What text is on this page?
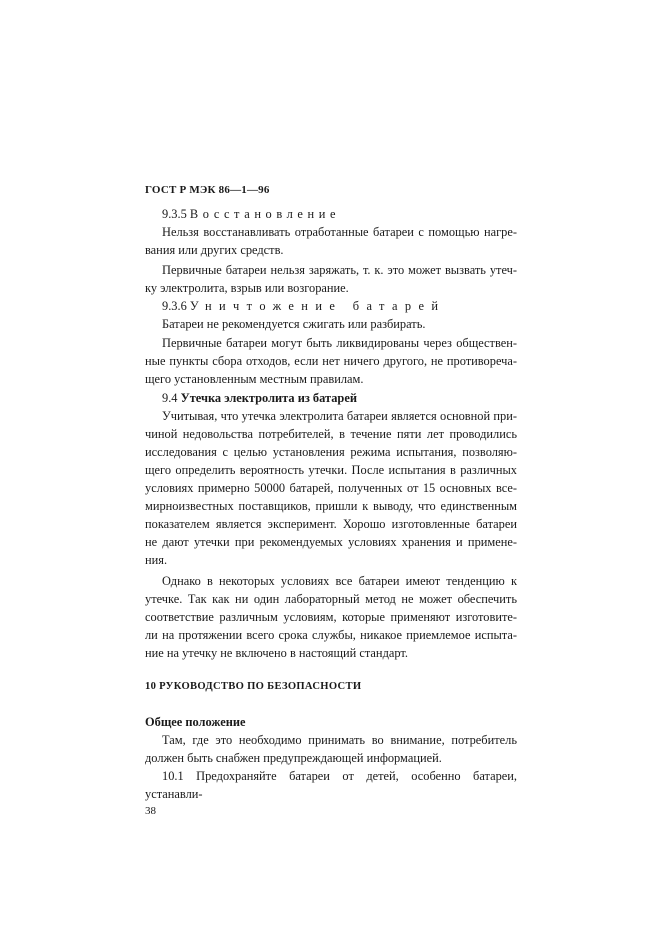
ГОСТ Р МЭК 86—1—96
9.3.5 Восстановление
Нельзя восстанавливать отработанные батареи с помощью нагре-
вания или других средств.
Первичные батареи нельзя заряжать, т. к. это может вызвать утеч-
ку электролита, взрыв или возгорание.
9.3.6 Уничтожение батарей
Батареи не рекомендуется сжигать или разбирать.
Первичные батареи могут быть ликвидированы через обществен-
ные пункты сбора отходов, если нет ничего другого, не противореча-
щего установленным местным правилам.
9.4 Утечка электролита из батарей
Учитывая, что утечка электролита батареи является основной при-
чиной недовольства потребителей, в течение пяти лет проводились
исследования с целью установления режима испытания, позволяю-
щего определить вероятность утечки. После испытания в различных
условиях примерно 50000 батарей, полученных от 15 основных все-
мирноизвестных поставщиков, пришли к выводу, что единственным
показателем является эксперимент. Хорошо изготовленные батареи
не дают утечки при рекомендуемых условиях хранения и примене-
ния.
Однако в некоторых условиях все батареи имеют тенденцию к
утечке. Так как ни один лабораторный метод не может обеспечить
соответствие различным условиям, которые применяют изготовите-
ли на протяжении всего срока службы, никакое приемлемое испыта-
ние на утечку не включено в настоящий стандарт.
10 РУКОВОДСТВО ПО БЕЗОПАСНОСТИ
Общее положение
Там, где это необходимо принимать во внимание, потребитель
должен быть снабжен предупреждающей информацией.
10.1 Предохраняйте батареи от детей, особенно батареи, устанавли-
38
